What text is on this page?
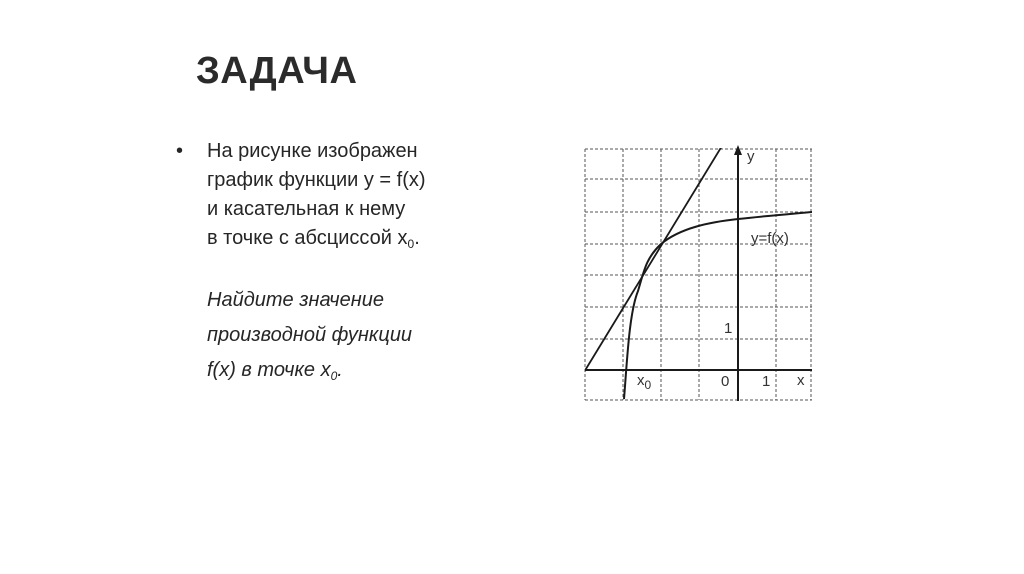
ЗАДАЧА
•	На рисунке изображен
график функции y = f(x)
и касательная к нему
в точке с абсциссой $x_0$.
Найдите значение
производной функции
f(x) в точке $x_0$.
y
x
y=f(x)
1
0 1
$x_0$
